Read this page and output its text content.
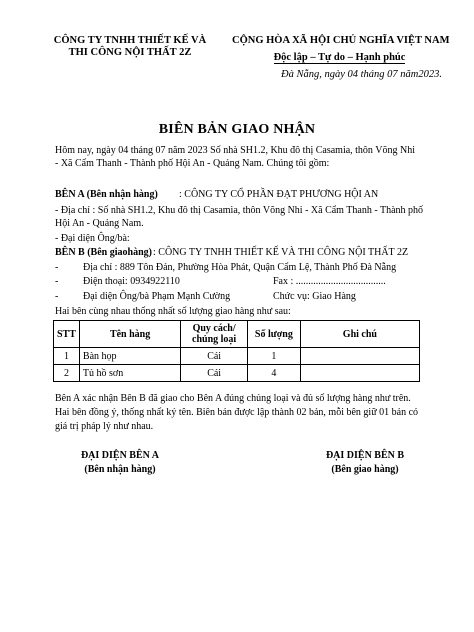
CÔNG TY TNHH THIẾT KẾ VÀ
THI CÔNG NỘI THẤT 2Z
CỘNG HÒA XÃ HỘI CHỦ NGHĨA VIỆT NAM
Độc lập – Tự do – Hạnh phúc
Đà Nẵng, ngày 04 tháng 07 năm2023.
BIÊN BẢN GIAO NHẬN
Hôm nay, ngày 04 tháng 07 năm 2023 Số nhà SH1.2, Khu đô thị Casamia, thôn Võng Nhi
- Xã Cẩm Thanh - Thành phố Hội An - Quảng Nam. Chúng tôi gồm:
BÊN A (Bên nhận hàng) : CÔNG TY CỔ PHẦN ĐẠT PHƯƠNG HỘI AN
- Địa chỉ : Số nhà SH1.2, Khu đô thị Casamia, thôn Võng Nhi - Xã Cẩm Thanh - Thành phố
Hội An - Quảng Nam.
- Đại diện Ông/bà:
BÊN B (Bên giaohàng) : CÔNG TY TNHH THIẾT KẾ VÀ THI CÔNG NỘI THẤT 2Z
- Địa chỉ : 889 Tôn Đản, Phường Hòa Phát, Quận Cẩm Lệ, Thành Phố Đà Nẵng
- Điện thoại: 0934922110	Fax : ....................................
- Đại diện Ông/bà Phạm Mạnh Cường	Chức vụ: Giao Hàng
Hai bên cùng nhau thống nhất số lượng giao hàng như sau:
STT	Tên hàng	Quy cách/
chủng loại	Số lượng	Ghi chú
1	Bàn họp	Cái	1	
2	Tủ hồ sơn	Cái	4	
Bên A xác nhận Bên B đã giao cho Bên A đúng chủng loại và đủ số lượng hàng như trên.
Hai bên đồng ý, thống nhất ký tên. Biên bản được lập thành 02 bản, mỗi bên giữ 01 bản có
giá trị pháp lý như nhau.
ĐẠI DIỆN BÊN A
(Bên nhận hàng)
ĐẠI DIỆN BÊN B
(Bên giao hàng)
